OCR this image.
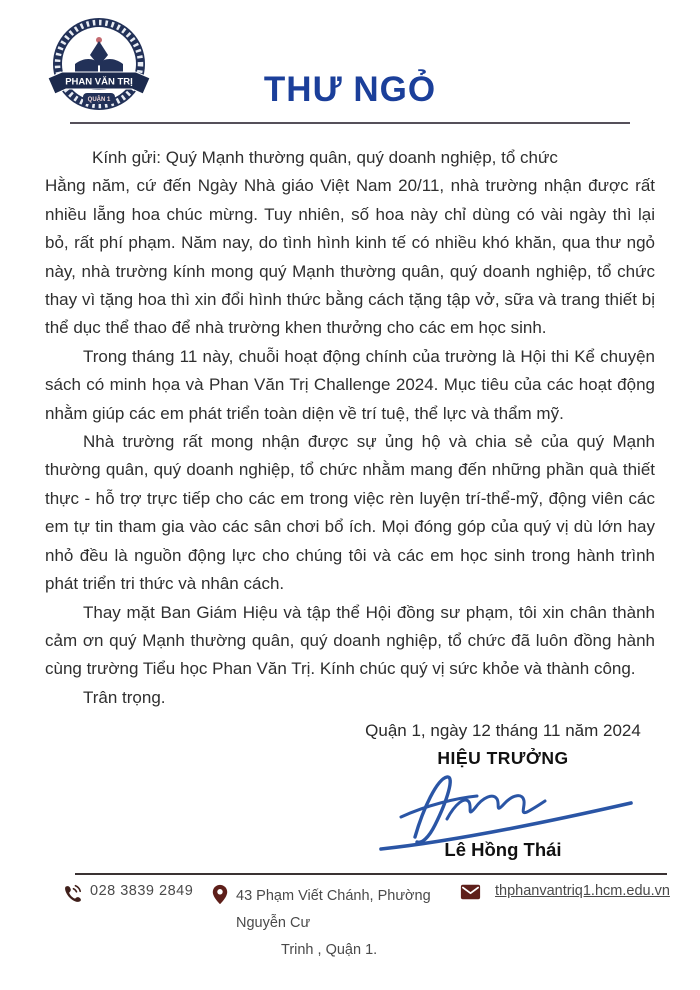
PHAN VĂN TRỊ
QUẬN 1	THƯ NGỎ

Kính gửi: Quý Mạnh thường quân, quý doanh nghiệp, tổ chức

Hằng năm, cứ đến Ngày Nhà giáo Việt Nam 20/11, nhà trường nhận được rất nhiều lẵng hoa chúc mừng. Tuy nhiên, số hoa này chỉ dùng có vài ngày thì lại bỏ, rất phí phạm. Năm nay, do tình hình kinh tế có nhiều khó khăn, qua thư ngỏ này, nhà trường kính mong quý Mạnh thường quân, quý doanh nghiệp, tổ chức thay vì tặng hoa thì xin đổi hình thức bằng cách tặng tập vở, sữa và trang thiết bị thể dục thể thao để nhà trường khen thưởng cho các em học sinh.

Trong tháng 11 này, chuỗi hoạt động chính của trường là Hội thi Kể chuyện sách có minh họa và Phan Văn Trị Challenge 2024. Mục tiêu của các hoạt động nhằm giúp các em phát triển toàn diện về trí tuệ, thể lực và thẩm mỹ.

Nhà trường rất mong nhận được sự ủng hộ và chia sẻ của quý Mạnh thường quân, quý doanh nghiệp, tổ chức nhằm mang đến những phần quà thiết thực - hỗ trợ trực tiếp cho các em trong việc rèn luyện trí-thể-mỹ, động viên các em tự tin tham gia vào các sân chơi bổ ích. Mọi đóng góp của quý vị dù lớn hay nhỏ đều là nguồn động lực cho chúng tôi và các em học sinh trong hành trình phát triển tri thức và nhân cách.

Thay mặt Ban Giám Hiệu và tập thể Hội đồng sư phạm, tôi xin chân thành cảm ơn quý Mạnh thường quân, quý doanh nghiệp, tổ chức đã luôn đồng hành cùng trường Tiểu học Phan Văn Trị. Kính chúc quý vị sức khỏe và thành công.

Trân trọng.

Quận 1, ngày 12 tháng 11 năm 2024
HIỆU TRƯỞNG
Lê Hồng Thái
028 3839 2849	43 Phạm Viết Chánh, Phường Nguyễn Cư
Trinh , Quận 1.
thphanvantriq1.hcm.edu.vn
